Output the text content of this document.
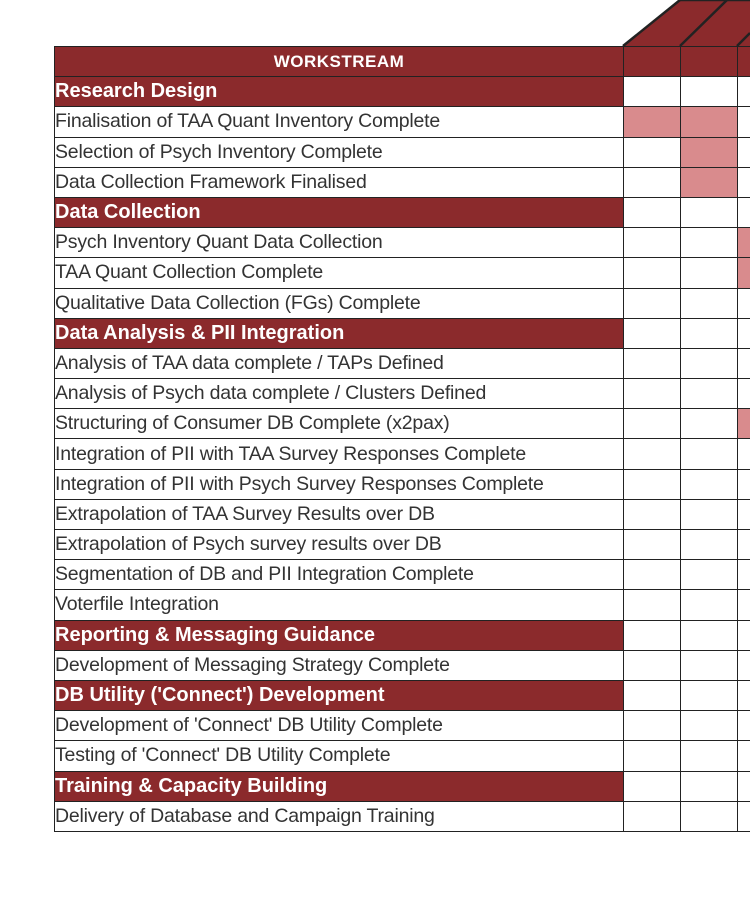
WORKSTREAM			
Research Design			
Finalisation of TAA Quant Inventory Complete			
Selection of Psych Inventory Complete			
Data Collection Framework Finalised			
Data Collection			
Psych Inventory Quant Data Collection			
TAA Quant Collection Complete			
Qualitative Data Collection (FGs) Complete			
Data Analysis & PII Integration			
Analysis of TAA data complete / TAPs Defined			
Analysis of Psych data complete / Clusters Defined			
Structuring of Consumer DB Complete (x2pax)			
Integration of PII with TAA Survey Responses Complete			
Integration of PII with Psych Survey Responses Complete			
Extrapolation of TAA Survey Results over DB			
Extrapolation of Psych survey results over DB			
Segmentation of DB and PII Integration Complete			
Voterfile Integration			
Reporting & Messaging Guidance			
Development of Messaging Strategy Complete			
DB Utility ('Connect') Development			
Development of 'Connect' DB Utility Complete			
Testing of 'Connect' DB Utility Complete			
Training & Capacity Building			
Delivery of Database and Campaign Training			
